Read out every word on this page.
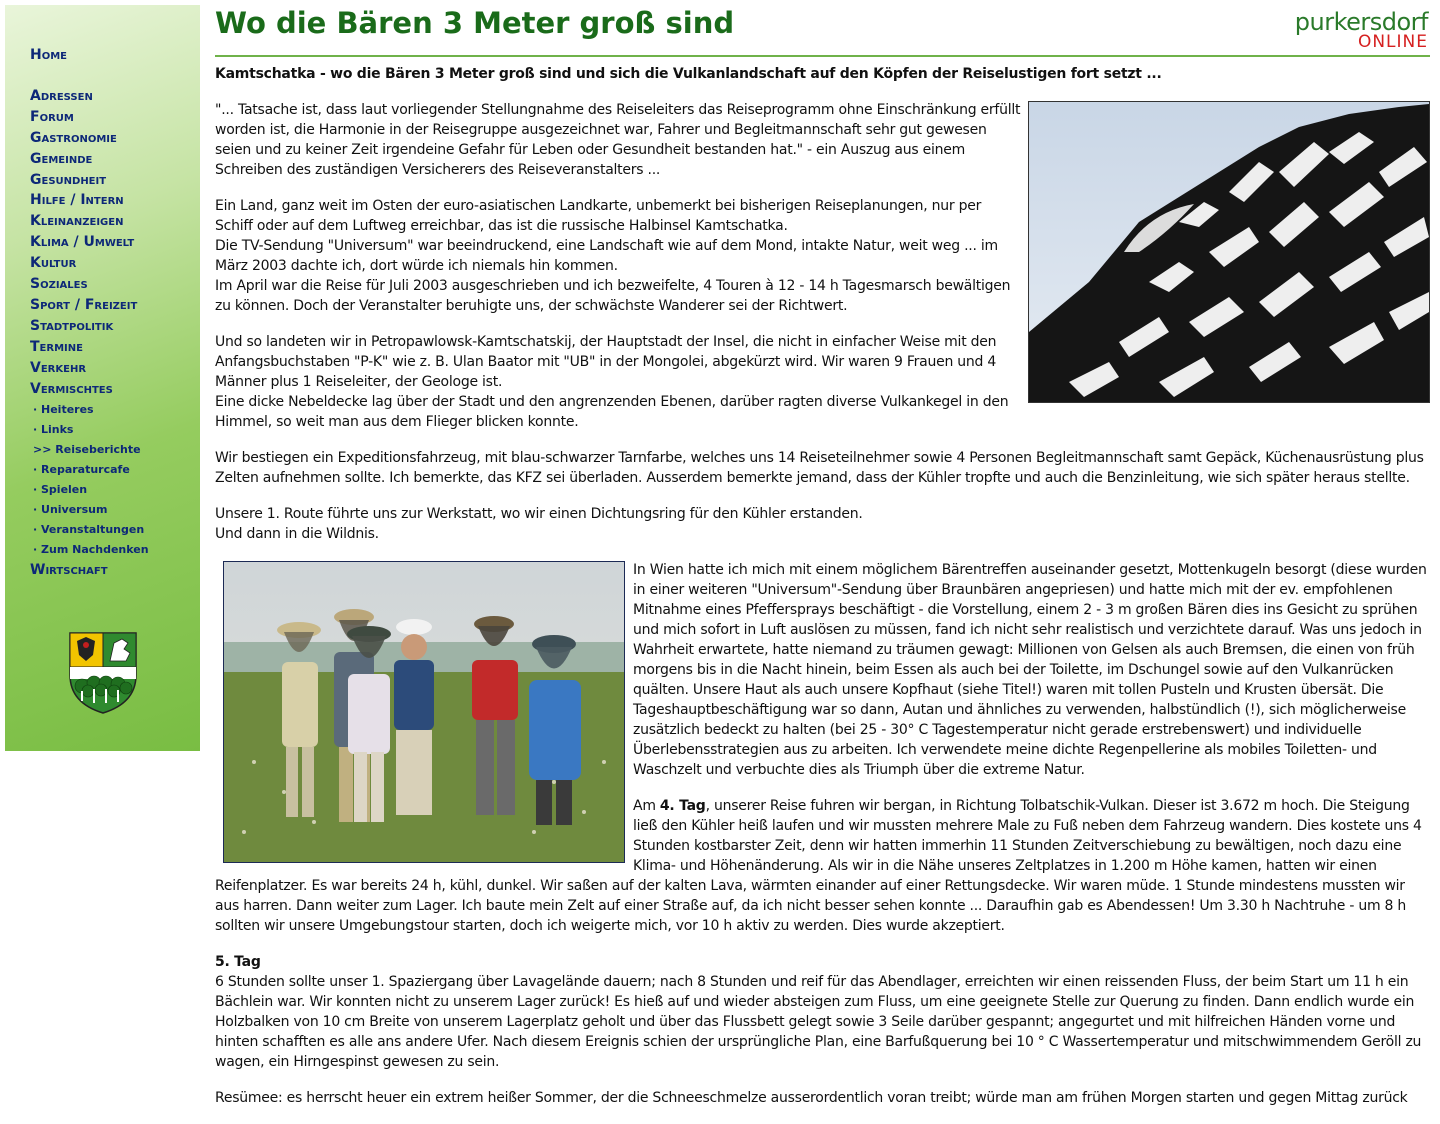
Home
Adressen
Forum
Gastronomie
Gemeinde
Gesundheit
Hilfe / Intern
Kleinanzeigen
Klima / Umwelt
Kultur
Soziales
Sport / Freizeit
Stadtpolitik
Termine
Verkehr
Vermischtes
· Heiteres
· Links
>> Reiseberichte
· Reparaturcafe
· Spielen
· Universum
· Veranstaltungen
· Zum Nachdenken
Wirtschaft
Wo die Bären 3 Meter groß sind	purkersdorf
ONLINE

Kamtschatka - wo die Bären 3 Meter groß sind und sich die Vulkanlandschaft auf den Köpfen der Reiselustigen fort setzt ...

"... Tatsache ist, dass laut vorliegender Stellungnahme des Reiseleiters das Reiseprogramm ohne Einschränkung erfüllt worden ist, die Harmonie in der Reisegruppe ausgezeichnet war, Fahrer und Begleitmannschaft sehr gut gewesen seien und zu keiner Zeit irgendeine Gefahr für Leben oder Gesundheit bestanden hat." - ein Auszug aus einem Schreiben des zuständigen Versicherers des Reiseveranstalters ...

Ein Land, ganz weit im Osten der euro-asiatischen Landkarte, unbemerkt bei bisherigen Reiseplanungen, nur per Schiff oder auf dem Luftweg erreichbar, das ist die russische Halbinsel Kamtschatka.
Die TV-Sendung "Universum" war beeindruckend, eine Landschaft wie auf dem Mond, intakte Natur, weit weg ... im März 2003 dachte ich, dort würde ich niemals hin kommen.
Im April war die Reise für Juli 2003 ausgeschrieben und ich bezweifelte, 4 Touren à 12 - 14 h Tagesmarsch bewältigen zu können. Doch der Veranstalter beruhigte uns, der schwächste Wanderer sei der Richtwert.

Und so landeten wir in Petropawlowsk-Kamtschatskij, der Hauptstadt der Insel, die nicht in einfacher Weise mit den Anfangsbuchstaben "P-K" wie z. B. Ulan Baator mit "UB" in der Mongolei, abgekürzt wird. Wir waren 9 Frauen und 4 Männer plus 1 Reiseleiter, der Geologe ist.
Eine dicke Nebeldecke lag über der Stadt und den angrenzenden Ebenen, darüber ragten diverse Vulkankegel in den Himmel, so weit man aus dem Flieger blicken konnte.

Wir bestiegen ein Expeditionsfahrzeug, mit blau-schwarzer Tarnfarbe, welches uns 14 Reiseteilnehmer sowie 4 Personen Begleitmannschaft samt Gepäck, Küchenausrüstung plus Zelten aufnehmen sollte. Ich bemerkte, das KFZ sei überladen. Ausserdem bemerkte jemand, dass der Kühler tropfte und auch die Benzinleitung, wie sich später heraus stellte.

Unsere 1. Route führte uns zur Werkstatt, wo wir einen Dichtungsring für den Kühler erstanden.
Und dann in die Wildnis.

In Wien hatte ich mich mit einem möglichem Bärentreffen auseinander gesetzt, Mottenkugeln besorgt (diese wurden in einer weiteren "Universum"-Sendung über Braunbären angepriesen) und hatte mich mit der ev. empfohlenen Mitnahme eines Pfeffersprays beschäftigt - die Vorstellung, einem 2 - 3 m großen Bären dies ins Gesicht zu sprühen und mich sofort in Luft auslösen zu müssen, fand ich nicht sehr realistisch und verzichtete darauf. Was uns jedoch in Wahrheit erwartete, hatte niemand zu träumen gewagt: Millionen von Gelsen als auch Bremsen, die einen von früh morgens bis in die Nacht hinein, beim Essen als auch bei der Toilette, im Dschungel sowie auf den Vulkanrücken quälten. Unsere Haut als auch unsere Kopfhaut (siehe Titel!) waren mit tollen Pusteln und Krusten übersät. Die Tageshauptbeschäftigung war so dann, Autan und ähnliches zu verwenden, halbstündlich (!), sich möglicherweise zusätzlich bedeckt zu halten (bei 25 - 30° C Tagestemperatur nicht gerade erstrebenswert) und individuelle Überlebensstrategien aus zu arbeiten. Ich verwendete meine dichte Regenpellerine als mobiles Toiletten- und Waschzelt und verbuchte dies als Triumph über die extreme Natur.

Am 4. Tag, unserer Reise fuhren wir bergan, in Richtung Tolbatschik-Vulkan. Dieser ist 3.672 m hoch. Die Steigung ließ den Kühler heiß laufen und wir mussten mehrere Male zu Fuß neben dem Fahrzeug wandern. Dies kostete uns 4 Stunden kostbarster Zeit, denn wir hatten immerhin 11 Stunden Zeitverschiebung zu bewältigen, noch dazu eine Klima- und Höhenänderung. Als wir in die Nähe unseres Zeltplatzes in 1.200 m Höhe kamen, hatten wir einen Reifenplatzer. Es war bereits 24 h, kühl, dunkel. Wir saßen auf der kalten Lava, wärmten einander auf einer Rettungsdecke. Wir waren müde. 1 Stunde mindestens mussten wir aus harren. Dann weiter zum Lager. Ich baute mein Zelt auf einer Straße auf, da ich nicht besser sehen konnte ... Daraufhin gab es Abendessen! Um 3.30 h Nachtruhe - um 8 h sollten wir unsere Umgebungstour starten, doch ich weigerte mich, vor 10 h aktiv zu werden. Dies wurde akzeptiert.

5. Tag
6 Stunden sollte unser 1. Spaziergang über Lavagelände dauern; nach 8 Stunden und reif für das Abendlager, erreichten wir einen reissenden Fluss, der beim Start um 11 h ein Bächlein war. Wir konnten nicht zu unserem Lager zurück! Es hieß auf und wieder absteigen zum Fluss, um eine geeignete Stelle zur Querung zu finden. Dann endlich wurde ein Holzbalken von 10 cm Breite von unserem Lagerplatz geholt und über das Flussbett gelegt sowie 3 Seile darüber gespannt; angegurtet und mit hilfreichen Händen vorne und hinten schafften es alle ans andere Ufer. Nach diesem Ereignis schien der ursprüngliche Plan, eine Barfußquerung bei 10 ° C Wassertemperatur und mitschwimmendem Geröll zu wagen, ein Hirngespinst gewesen zu sein.

Resümee: es herrscht heuer ein extrem heißer Sommer, der die Schneeschmelze ausserordentlich voran treibt; würde man am frühen Morgen starten und gegen Mittag zurück
